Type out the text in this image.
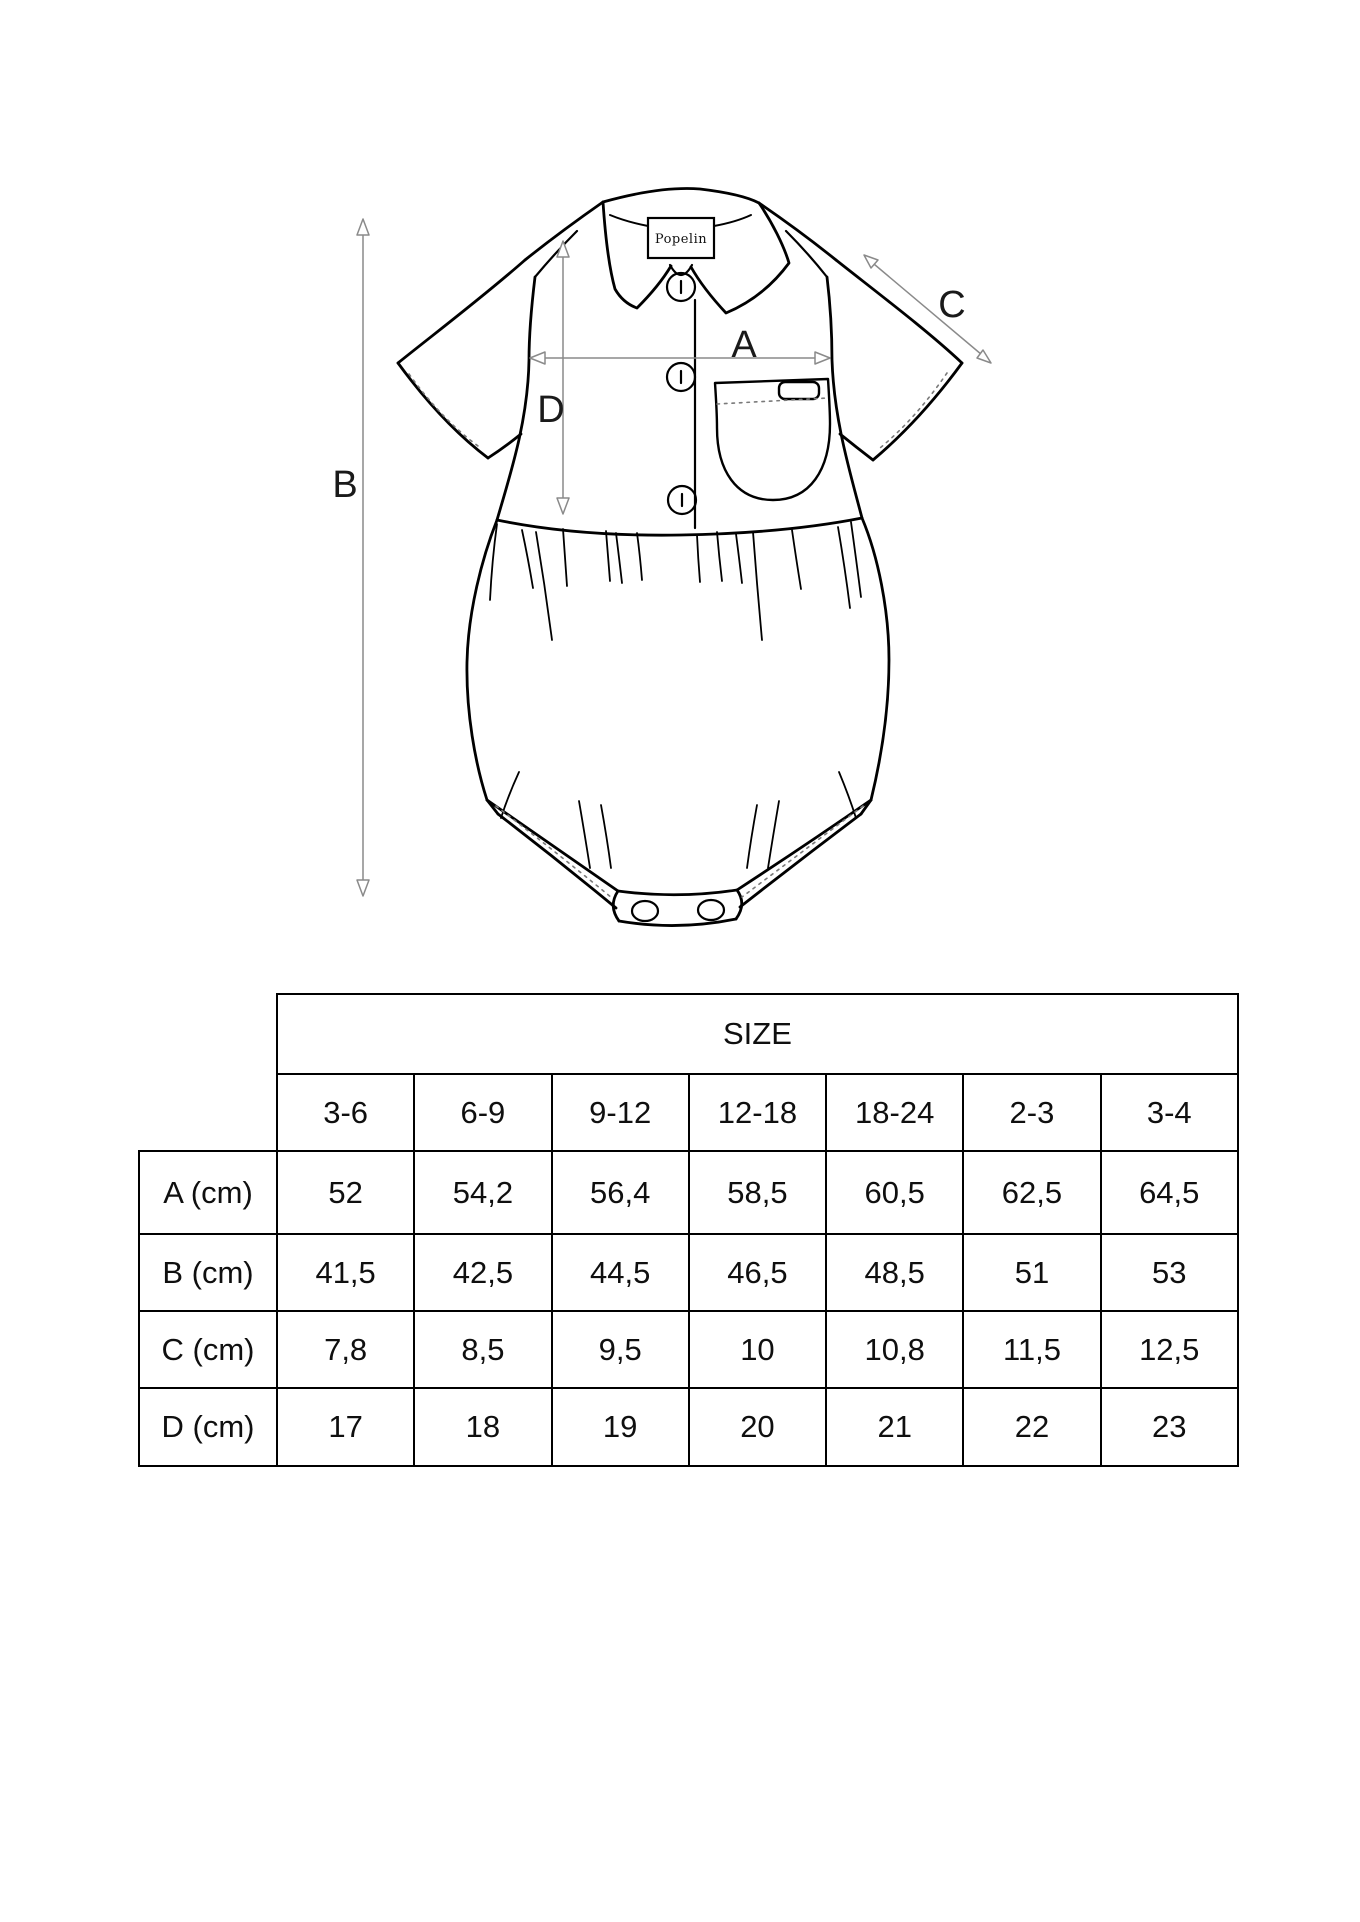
Popelin
A
B
C
D
	SIZE						
	3-6	6-9	9-12	12-18	18-24	2-3	3-4
A (cm)	52	54,2	56,4	58,5	60,5	62,5	64,5
B (cm)	41,5	42,5	44,5	46,5	48,5	51	53
C (cm)	7,8	8,5	9,5	10	10,8	11,5	12,5
D (cm)	17	18	19	20	21	22	23
